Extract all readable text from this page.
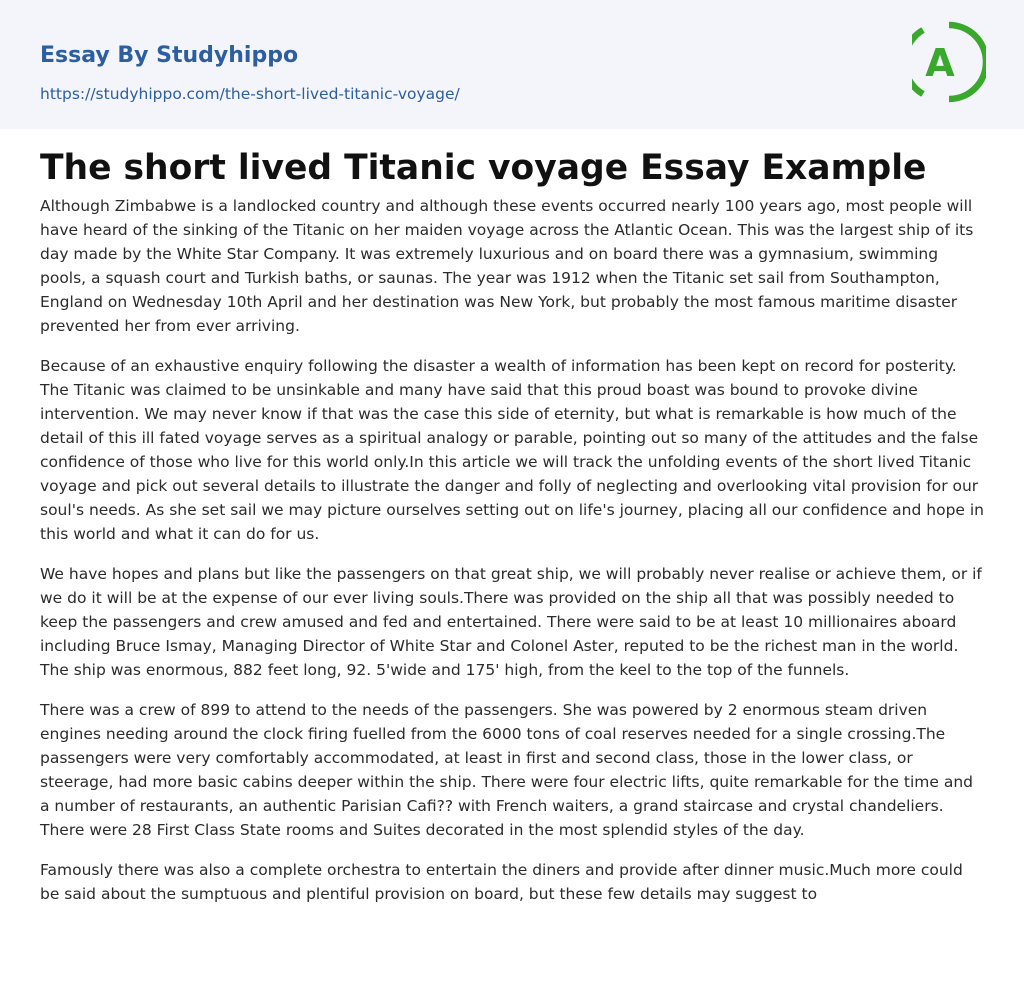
Essay By Studyhippo
https://studyhippo.com/the-short-lived-titanic-voyage/
A
The short lived Titanic voyage Essay Example

Although Zimbabwe is a landlocked country and although these events occurred nearly 100 years ago, most people will have heard of the sinking of the Titanic on her maiden voyage across the Atlantic Ocean. This was the largest ship of its day made by the White Star Company. It was extremely luxurious and on board there was a gymnasium, swimming pools, a squash court and Turkish baths, or saunas. The year was 1912 when the Titanic set sail from Southampton, England on Wednesday 10th April and her destination was New York, but probably the most famous maritime disaster prevented her from ever arriving.

Because of an exhaustive enquiry following the disaster a wealth of information has been kept on record for posterity. The Titanic was claimed to be unsinkable and many have said that this proud boast was bound to provoke divine intervention. We may never know if that was the case this side of eternity, but what is remarkable is how much of the detail of this ill fated voyage serves as a spiritual analogy or parable, pointing out so many of the attitudes and the false confidence of those who live for this world only.In this article we will track the unfolding events of the short lived Titanic voyage and pick out several details to illustrate the danger and folly of neglecting and overlooking vital provision for our soul's needs. As she set sail we may picture ourselves setting out on life's journey, placing all our confidence and hope in this world and what it can do for us.

We have hopes and plans but like the passengers on that great ship, we will probably never realise or achieve them, or if we do it will be at the expense of our ever living souls.There was provided on the ship all that was possibly needed to keep the passengers and crew amused and fed and entertained. There were said to be at least 10 millionaires aboard including Bruce Ismay, Managing Director of White Star and Colonel Aster, reputed to be the richest man in the world. The ship was enormous, 882 feet long, 92. 5'wide and 175' high, from the keel to the top of the funnels.

There was a crew of 899 to attend to the needs of the passengers. She was powered by 2 enormous steam driven engines needing around the clock firing fuelled from the 6000 tons of coal reserves needed for a single crossing.The passengers were very comfortably accommodated, at least in first and second class, those in the lower class, or steerage, had more basic cabins deeper within the ship. There were four electric lifts, quite remarkable for the time and a number of restaurants, an authentic Parisian Cafi?? with French waiters, a grand staircase and crystal chandeliers. There were 28 First Class State rooms and Suites decorated in the most splendid styles of the day.

Famously there was also a complete orchestra to entertain the diners and provide after dinner music.Much more could be said about the sumptuous and plentiful provision on board, but these few details may suggest to
